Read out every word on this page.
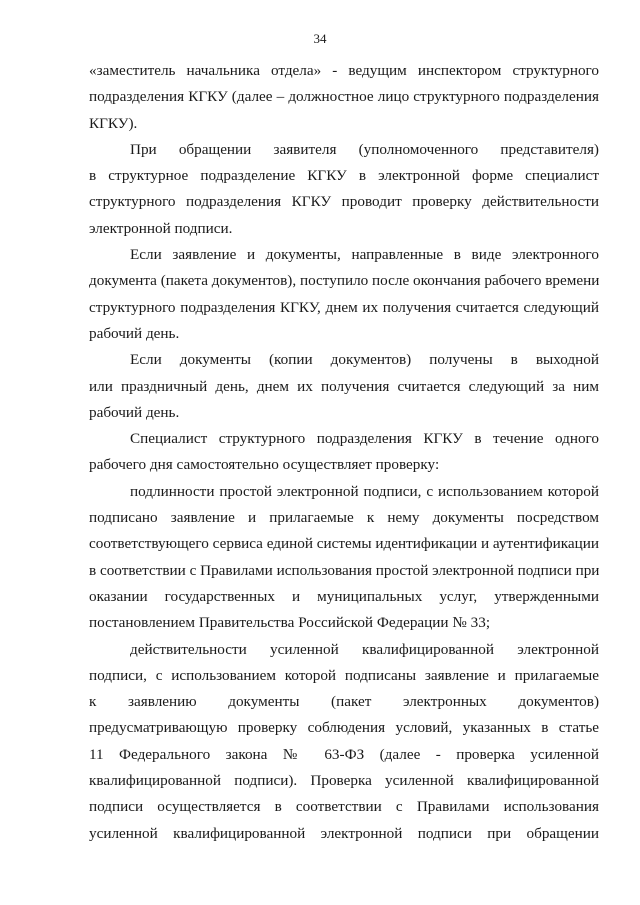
34
«заместитель начальника отдела» - ведущим инспектором структурного
подразделения КГКУ (далее – должностное лицо структурного подразделения
КГКУ).
При обращении заявителя (уполномоченного представителя)
в структурное подразделение КГКУ в электронной форме специалист
структурного подразделения КГКУ проводит проверку действительности
электронной подписи.
Если заявление и документы, направленные в виде электронного
документа (пакета документов), поступило после окончания рабочего времени
структурного подразделения КГКУ, днем их получения считается следующий
рабочий день.
Если документы (копии документов) получены в выходной
или праздничный день, днем их получения считается следующий за ним
рабочий день.
Специалист структурного подразделения КГКУ в течение одного
рабочего дня самостоятельно осуществляет проверку:
подлинности простой электронной подписи, с использованием которой
подписано заявление и прилагаемые к нему документы посредством
соответствующего сервиса единой системы идентификации и аутентификации
в соответствии с Правилами использования простой электронной подписи при
оказании государственных и муниципальных услуг, утвержденными
постановлением Правительства Российской Федерации № 33;
действительности усиленной квалифицированной электронной
подписи, с использованием которой подписаны заявление и прилагаемые
к заявлению документы (пакет электронных документов)
предусматривающую проверку соблюдения условий, указанных в статье
11 Федерального закона № 63-ФЗ (далее - проверка усиленной
квалифицированной подписи). Проверка усиленной квалифицированной
подписи осуществляется в соответствии с Правилами использования
усиленной квалифицированной электронной подписи при обращении
